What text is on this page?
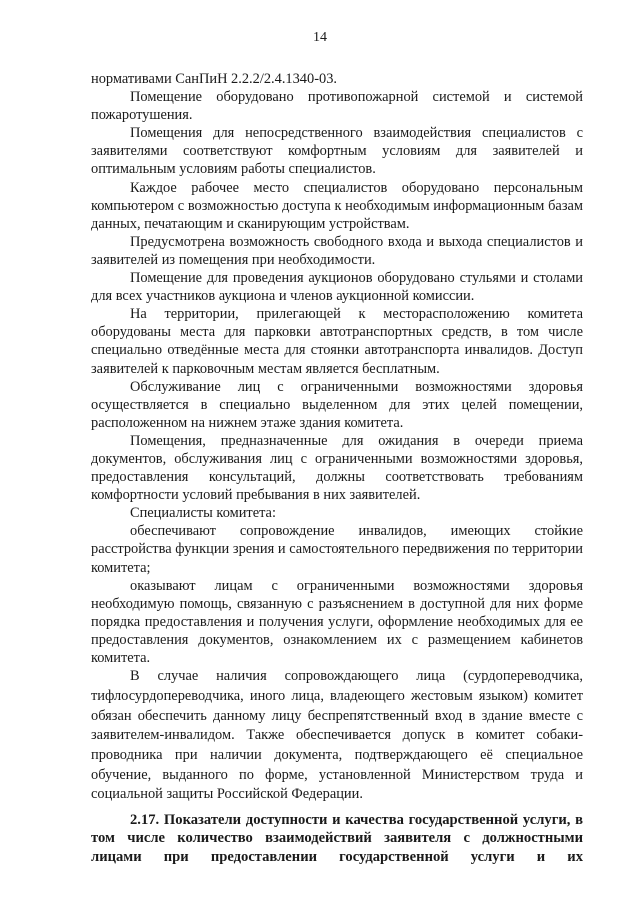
14

нормативами СанПиН 2.2.2/2.4.1340-03.

Помещение оборудовано противопожарной системой и системой пожаротушения.

Помещения для непосредственного взаимодействия специалистов с заявителями соответствуют комфортным условиям для заявителей и оптимальным условиям работы специалистов.

Каждое рабочее место специалистов оборудовано персональным компьютером с возможностью доступа к необходимым информационным базам данных, печатающим и сканирующим устройствам.

Предусмотрена возможность свободного входа и выхода специалистов и заявителей из помещения при необходимости.

Помещение для проведения аукционов оборудовано стульями и столами для всех участников аукциона и членов аукционной комиссии.

На территории, прилегающей к месторасположению комитета оборудованы места для парковки автотранспортных средств, в том числе специально отведённые места для стоянки автотранспорта инвалидов. Доступ заявителей к парковочным местам является бесплатным.

Обслуживание лиц с ограниченными возможностями здоровья осуществляется в специально выделенном для этих целей помещении, расположенном на нижнем этаже здания комитета.

Помещения, предназначенные для ожидания в очереди приема документов, обслуживания лиц с ограниченными возможностями здоровья, предоставления консультаций, должны соответствовать требованиям комфортности условий пребывания в них заявителей.

Специалисты комитета:

обеспечивают сопровождение инвалидов, имеющих стойкие расстройства функции зрения и самостоятельного передвижения по территории комитета;

оказывают лицам с ограниченными возможностями здоровья необходимую помощь, связанную с разъяснением в доступной для них форме порядка предоставления и получения услуги, оформление необходимых для ее предоставления документов, ознакомлением их с размещением кабинетов комитета.

В случае наличия сопровождающего лица (сурдопереводчика, тифлосурдопереводчика, иного лица, владеющего жестовым языком) комитет обязан обеспечить данному лицу беспрепятственный вход в здание вместе с заявителем-инвалидом. Также обеспечивается допуск в комитет собаки-проводника при наличии документа, подтверждающего её специальное обучение, выданного по форме, установленной Министерством труда и социальной защиты Российской Федерации.

2.17. Показатели доступности и качества государственной услуги, в том числе количество взаимодействий заявителя с должностными лицами при предоставлении государственной услуги и их
